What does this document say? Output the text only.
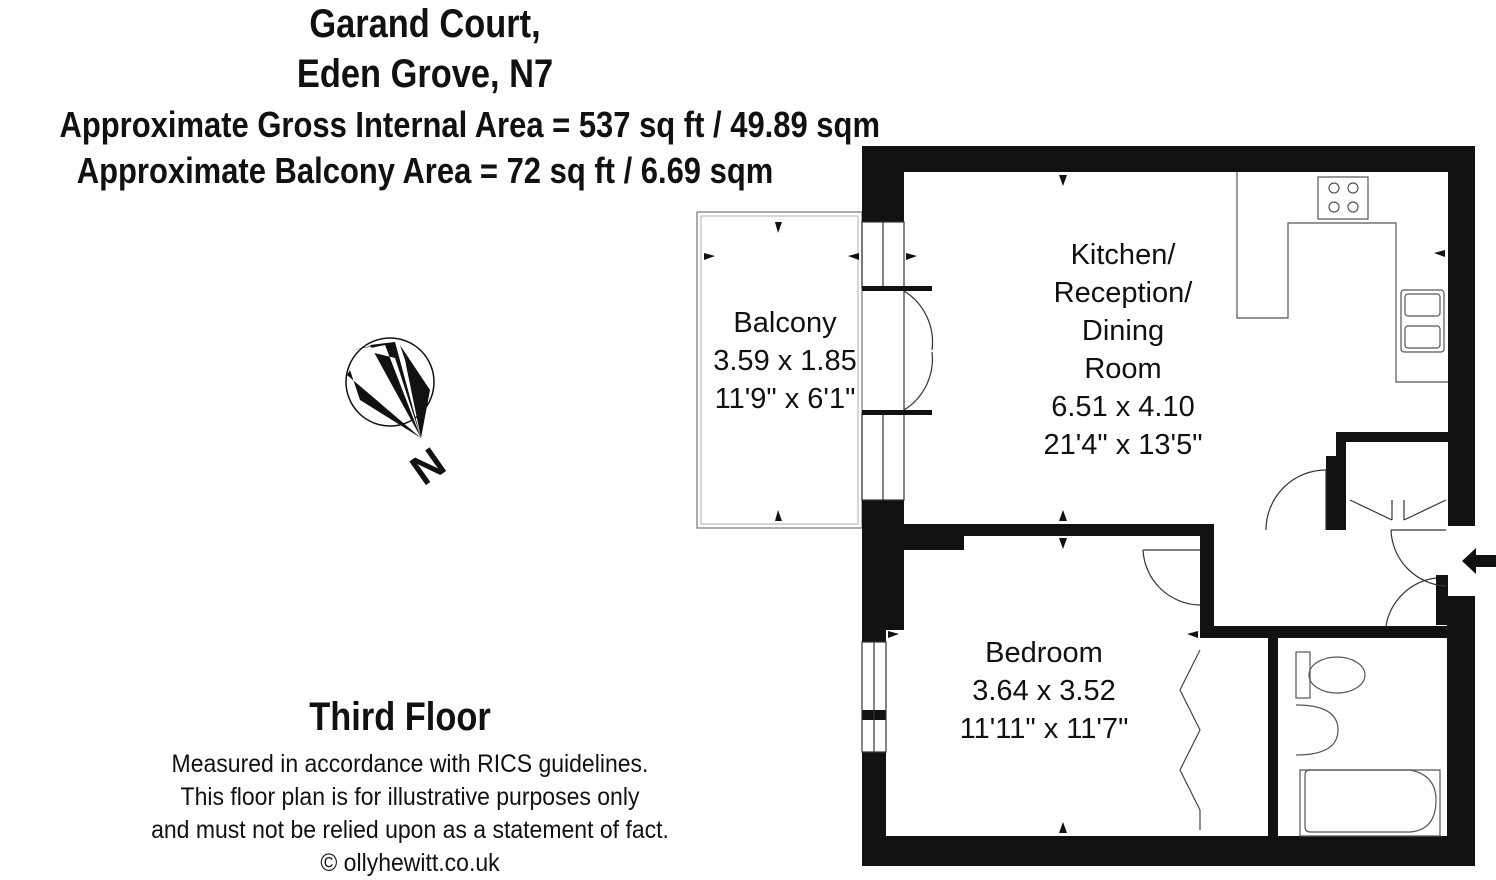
Garand Court,
Eden Grove, N7
Approximate Gross Internal Area = 537 sq ft / 49.89 sqm
Approximate Balcony Area = 72 sq ft / 6.69 sqm
N
Kitchen/
Reception/
Dining
Room
6.51 x 4.10
21'4" x 13'5"
Balcony
3.59 x 1.85
11'9" x 6'1"
Bedroom
3.64 x 3.52
11'11" x 11'7"
Third Floor
Measured in accordance with RICS guidelines.
This floor plan is for illustrative purposes only
and must not be relied upon as a statement of fact.
© ollyhewitt.co.uk
